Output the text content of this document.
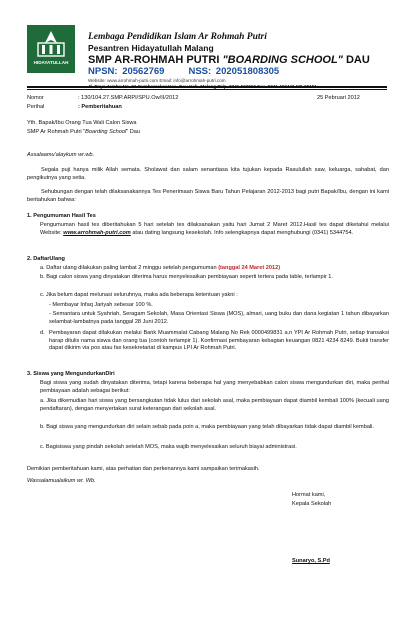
HIDAYATULLAH
Lembaga Pendidikan Islam Ar Rohmah Putri
Pesantren Hidayatullah Malang
SMP AR-ROHMAH PUTRI "BOARDING SCHOOL" DAU
NPSN: 20562769	NSS: 202051808305
Website: www.arrohmah-putri.com Email: info@arrohmah-putri.com
Nomor	: 130/104.27.SMP.ARPI/SPU.Ow/II/2012	25 Pebruari 2012
Perihal	: Pemberitahuan
Yth. Bapak/Ibu Orang Tua Wali Calon Siswa
SMP Ar Rohmah Putri "Boarding School" Dau
Assalaamu'alaykum wr.wb.
Segala puji hanya milik Allah semata. Sholawat dan salam senantiasa kita tujukan kepada Rasulullah saw, keluarga, sahabat, dan pengikutnya yang setia.
Sehubungan dengan telah dilaksanakannya Tes Penerimaan Siswa Baru Tahun Pelajaran 2012-2013 bagi putri Bapak/Ibu, dengan ini kami beritahukan bahwa:
1. Pengumuman Hasil Tes
Pengumuman hasil tes diberitahukan 5 hari setelah tes dilaksanakan yaitu hari Jumat 2 Maret 2012.Hasil tes dapat diketahui melalui Website: www.arrohmah-putri.com atau dating langsung kesekolah. Info selengkapnya dapat menghubungi (0341) 5344754.
2. DaftarUlang
a. Daftar ulang dilakukan paling lambat 2 minggu setelah pengumuman (tanggal 24 Maret 2012)
b. Bagi calon siswa yang dinyatakan diterima harus menyelesaikan pembiayaan seperti tertera pada table, terlampir 1.
c. Jika belum dapat melunasi seluruhnya, maka ada beberapa ketentuan yakni :
- Membayar Infaq Jariyah sebesar 100 %.
- Semantara untuk Syahriah, Seragam Sekolah, Masa Orientasi Siswa (MOS), almari, uang buku dan dana kegiatan 1 tahun dibayarkan selambat-lambatnya pada tanggal 28 Juni 2012.
d. Pembayaran dapat dilakukan melalui Bank Muammalat Cabang Malang No Rek 0000499831 a.n YPI Ar Rohmah Putri, setiap transaksi harap ditulis nama siswa dan orang tua (contoh terlampir 1). Konfirmasi pembayaran kebagian keuangan 0821 4234 8249. Bukti transfer dapat dikirim via pos atau fax kesekretariat di kampus LPI Ar Rohmah Putri.
3. Siswa yang MengundurkanDiri
Bagi siswa yang sudah dinyatakan diterima, tetapi karena beberapa hal yang menyebabkan calon siswa mengundurkan diri, maka perihal pembiayaan adalah sebagai berikut:
a. Jika dikemudian hari siswa yang bersangkutan tidak lulus dari sekolah asal, maka pembiayaan dapat diambil kembali 100% (kecuali uang pendaftaran), dengan menyertakan surat keterangan dari sekolah asal.
b. Bagi siswa yang mengundurkan diri selain sebab pada poin a, maka pembiayaan yang telah dibayarkan tidak dapat diambil kembali.
c. Bagisiswa yang pindah sekolah setelah MOS, maka wajib menyelesaikan seluruh biayai administrasi.
Demikian pemberitahuan kami, atas perhatian dan perkenannya kami sampaikan terimakasih.
Wassalamualaikum wr. Wb.
Hormat kami,
Kepala Sekolah
Sunaryo, S.Pd
